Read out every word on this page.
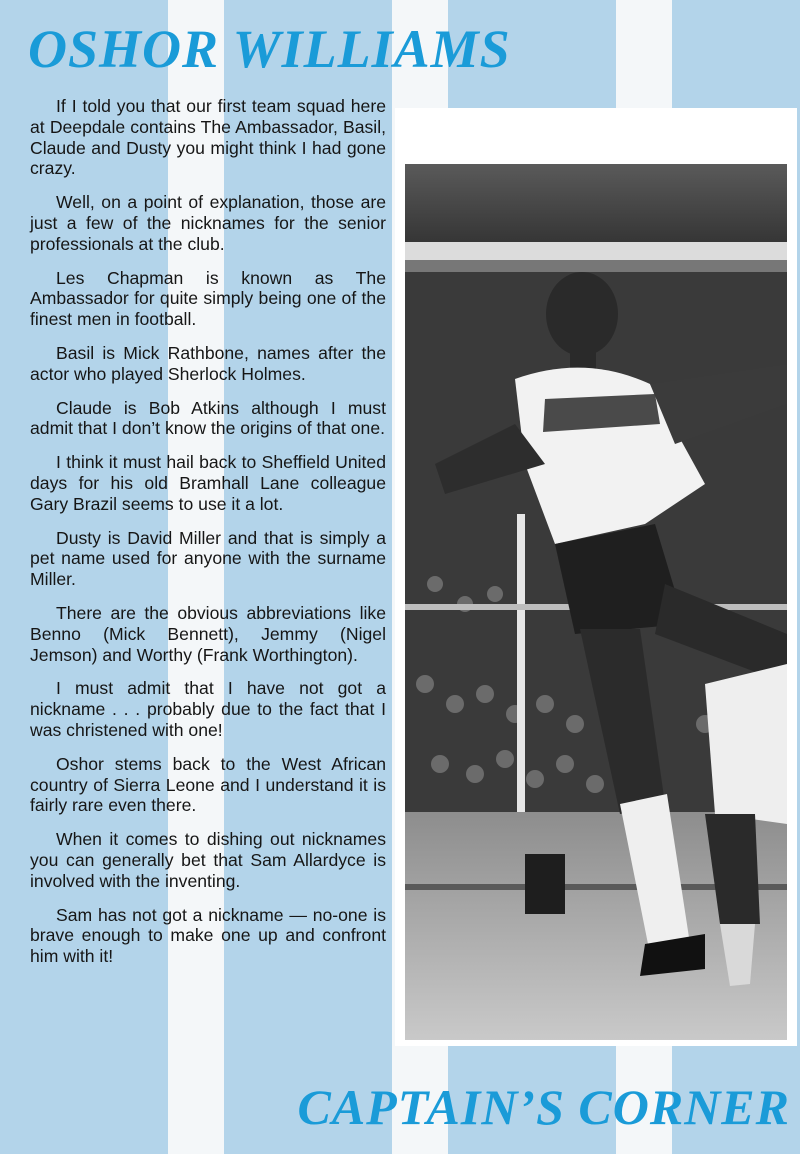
OSHOR WILLIAMS

If I told you that our first team squad here at Deepdale contains The Ambassador, Basil, Claude and Dusty you might think I had gone crazy.

Well, on a point of explanation, those are just a few of the nicknames for the senior professionals at the club.

Les Chapman is known as The Ambassador for quite simply being one of the finest men in football.

Basil is Mick Rathbone, names after the actor who played Sherlock Holmes.

Claude is Bob Atkins although I must admit that I don’t know the origins of that one.

I think it must hail back to Sheffield United days for his old Bramhall Lane colleague Gary Brazil seems to use it a lot.

Dusty is David Miller and that is simply a pet name used for anyone with the surname Miller.

There are the obvious abbreviations like Benno (Mick Bennett), Jemmy (Nigel Jemson) and Worthy (Frank Worthington).

I must admit that I have not got a nickname . . . probably due to the fact that I was christened with one!

Oshor stems back to the West African country of Sierra Leone and I understand it is fairly rare even there.

When it comes to dishing out nicknames you can generally bet that Sam Allardyce is involved with the inventing.

Sam has not got a nickname — no-one is brave enough to make one up and confront him with it!

CAPTAIN’S CORNER
